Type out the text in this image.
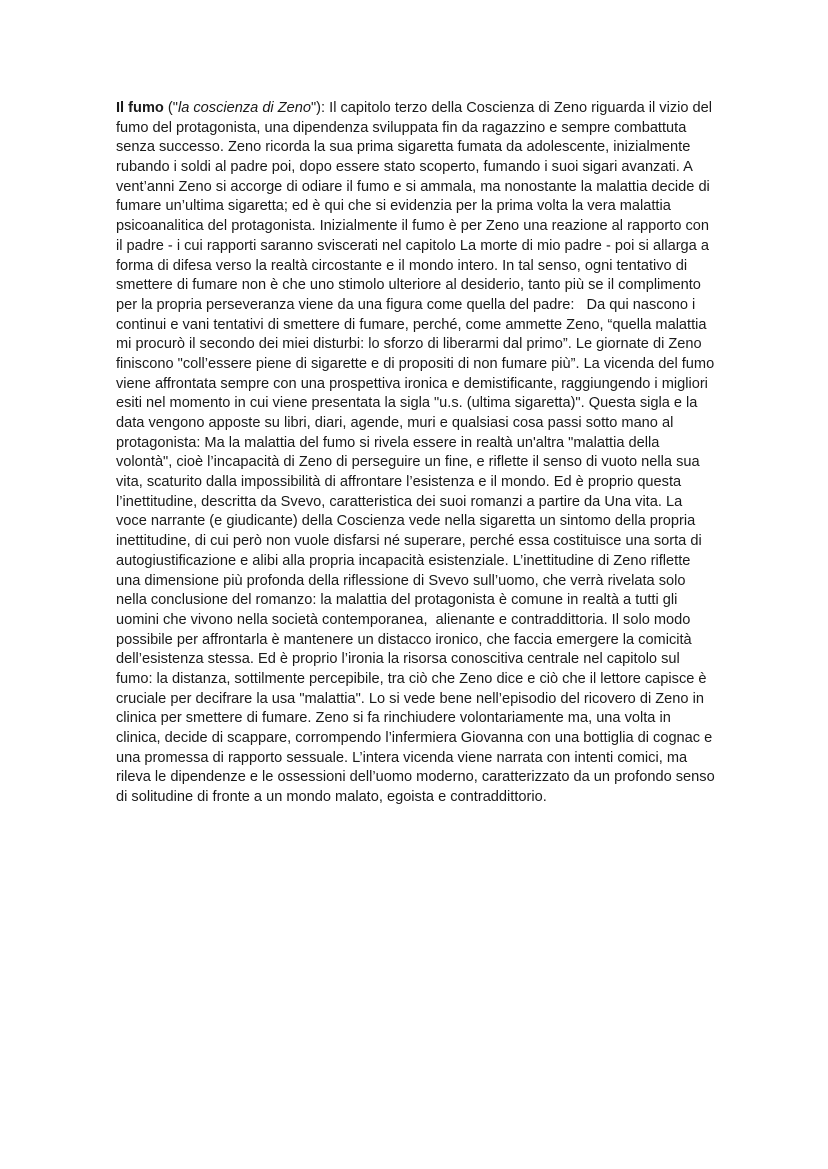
Il fumo ("la coscienza di Zeno"): Il capitolo terzo della Coscienza di Zeno riguarda il vizio del
fumo del protagonista, una dipendenza sviluppata fin da ragazzino e sempre combattuta
senza successo. Zeno ricorda la sua prima sigaretta fumata da adolescente, inizialmente
rubando i soldi al padre poi, dopo essere stato scoperto, fumando i suoi sigari avanzati. A
vent’anni Zeno si accorge di odiare il fumo e si ammala, ma nonostante la malattia decide di
fumare un’ultima sigaretta; ed è qui che si evidenzia per la prima volta la vera malattia
psicoanalitica del protagonista. Inizialmente il fumo è per Zeno una reazione al rapporto con
il padre - i cui rapporti saranno sviscerati nel capitolo La morte di mio padre - poi si allarga a
forma di difesa verso la realtà circostante e il mondo intero. In tal senso, ogni tentativo di
smettere di fumare non è che uno stimolo ulteriore al desiderio, tanto più se il complimento
per la propria perseveranza viene da una figura come quella del padre:   Da qui nascono i
continui e vani tentativi di smettere di fumare, perché, come ammette Zeno, “quella malattia
mi procurò il secondo dei miei disturbi: lo sforzo di liberarmi dal primo”. Le giornate di Zeno
finiscono "coll’essere piene di sigarette e di propositi di non fumare più”. La vicenda del fumo
viene affrontata sempre con una prospettiva ironica e demistificante, raggiungendo i migliori
esiti nel momento in cui viene presentata la sigla "u.s. (ultima sigaretta)". Questa sigla e la
data vengono apposte su libri, diari, agende, muri e qualsiasi cosa passi sotto mano al
protagonista: Ma la malattia del fumo si rivela essere in realtà un'altra "malattia della
volontà", cioè l’incapacità di Zeno di perseguire un fine, e riflette il senso di vuoto nella sua
vita, scaturito dalla impossibilità di affrontare l’esistenza e il mondo. Ed è proprio questa
l’inettitudine, descritta da Svevo, caratteristica dei suoi romanzi a partire da Una vita. La
voce narrante (e giudicante) della Coscienza vede nella sigaretta un sintomo della propria
inettitudine, di cui però non vuole disfarsi né superare, perché essa costituisce una sorta di
autogiustificazione e alibi alla propria incapacità esistenziale. L’inettitudine di Zeno riflette
una dimensione più profonda della riflessione di Svevo sull’uomo, che verrà rivelata solo
nella conclusione del romanzo: la malattia del protagonista è comune in realtà a tutti gli
uomini che vivono nella società contemporanea,  alienante e contraddittoria. Il solo modo
possibile per affrontarla è mantenere un distacco ironico, che faccia emergere la comicità
dell’esistenza stessa. Ed è proprio l’ironia la risorsa conoscitiva centrale nel capitolo sul
fumo: la distanza, sottilmente percepibile, tra ciò che Zeno dice e ciò che il lettore capisce è
cruciale per decifrare la usa "malattia". Lo si vede bene nell’episodio del ricovero di Zeno in
clinica per smettere di fumare. Zeno si fa rinchiudere volontariamente ma, una volta in
clinica, decide di scappare, corrompendo l’infermiera Giovanna con una bottiglia di cognac e
una promessa di rapporto sessuale. L’intera vicenda viene narrata con intenti comici, ma
rileva le dipendenze e le ossessioni dell’uomo moderno, caratterizzato da un profondo senso
di solitudine di fronte a un mondo malato, egoista e contraddittorio.
